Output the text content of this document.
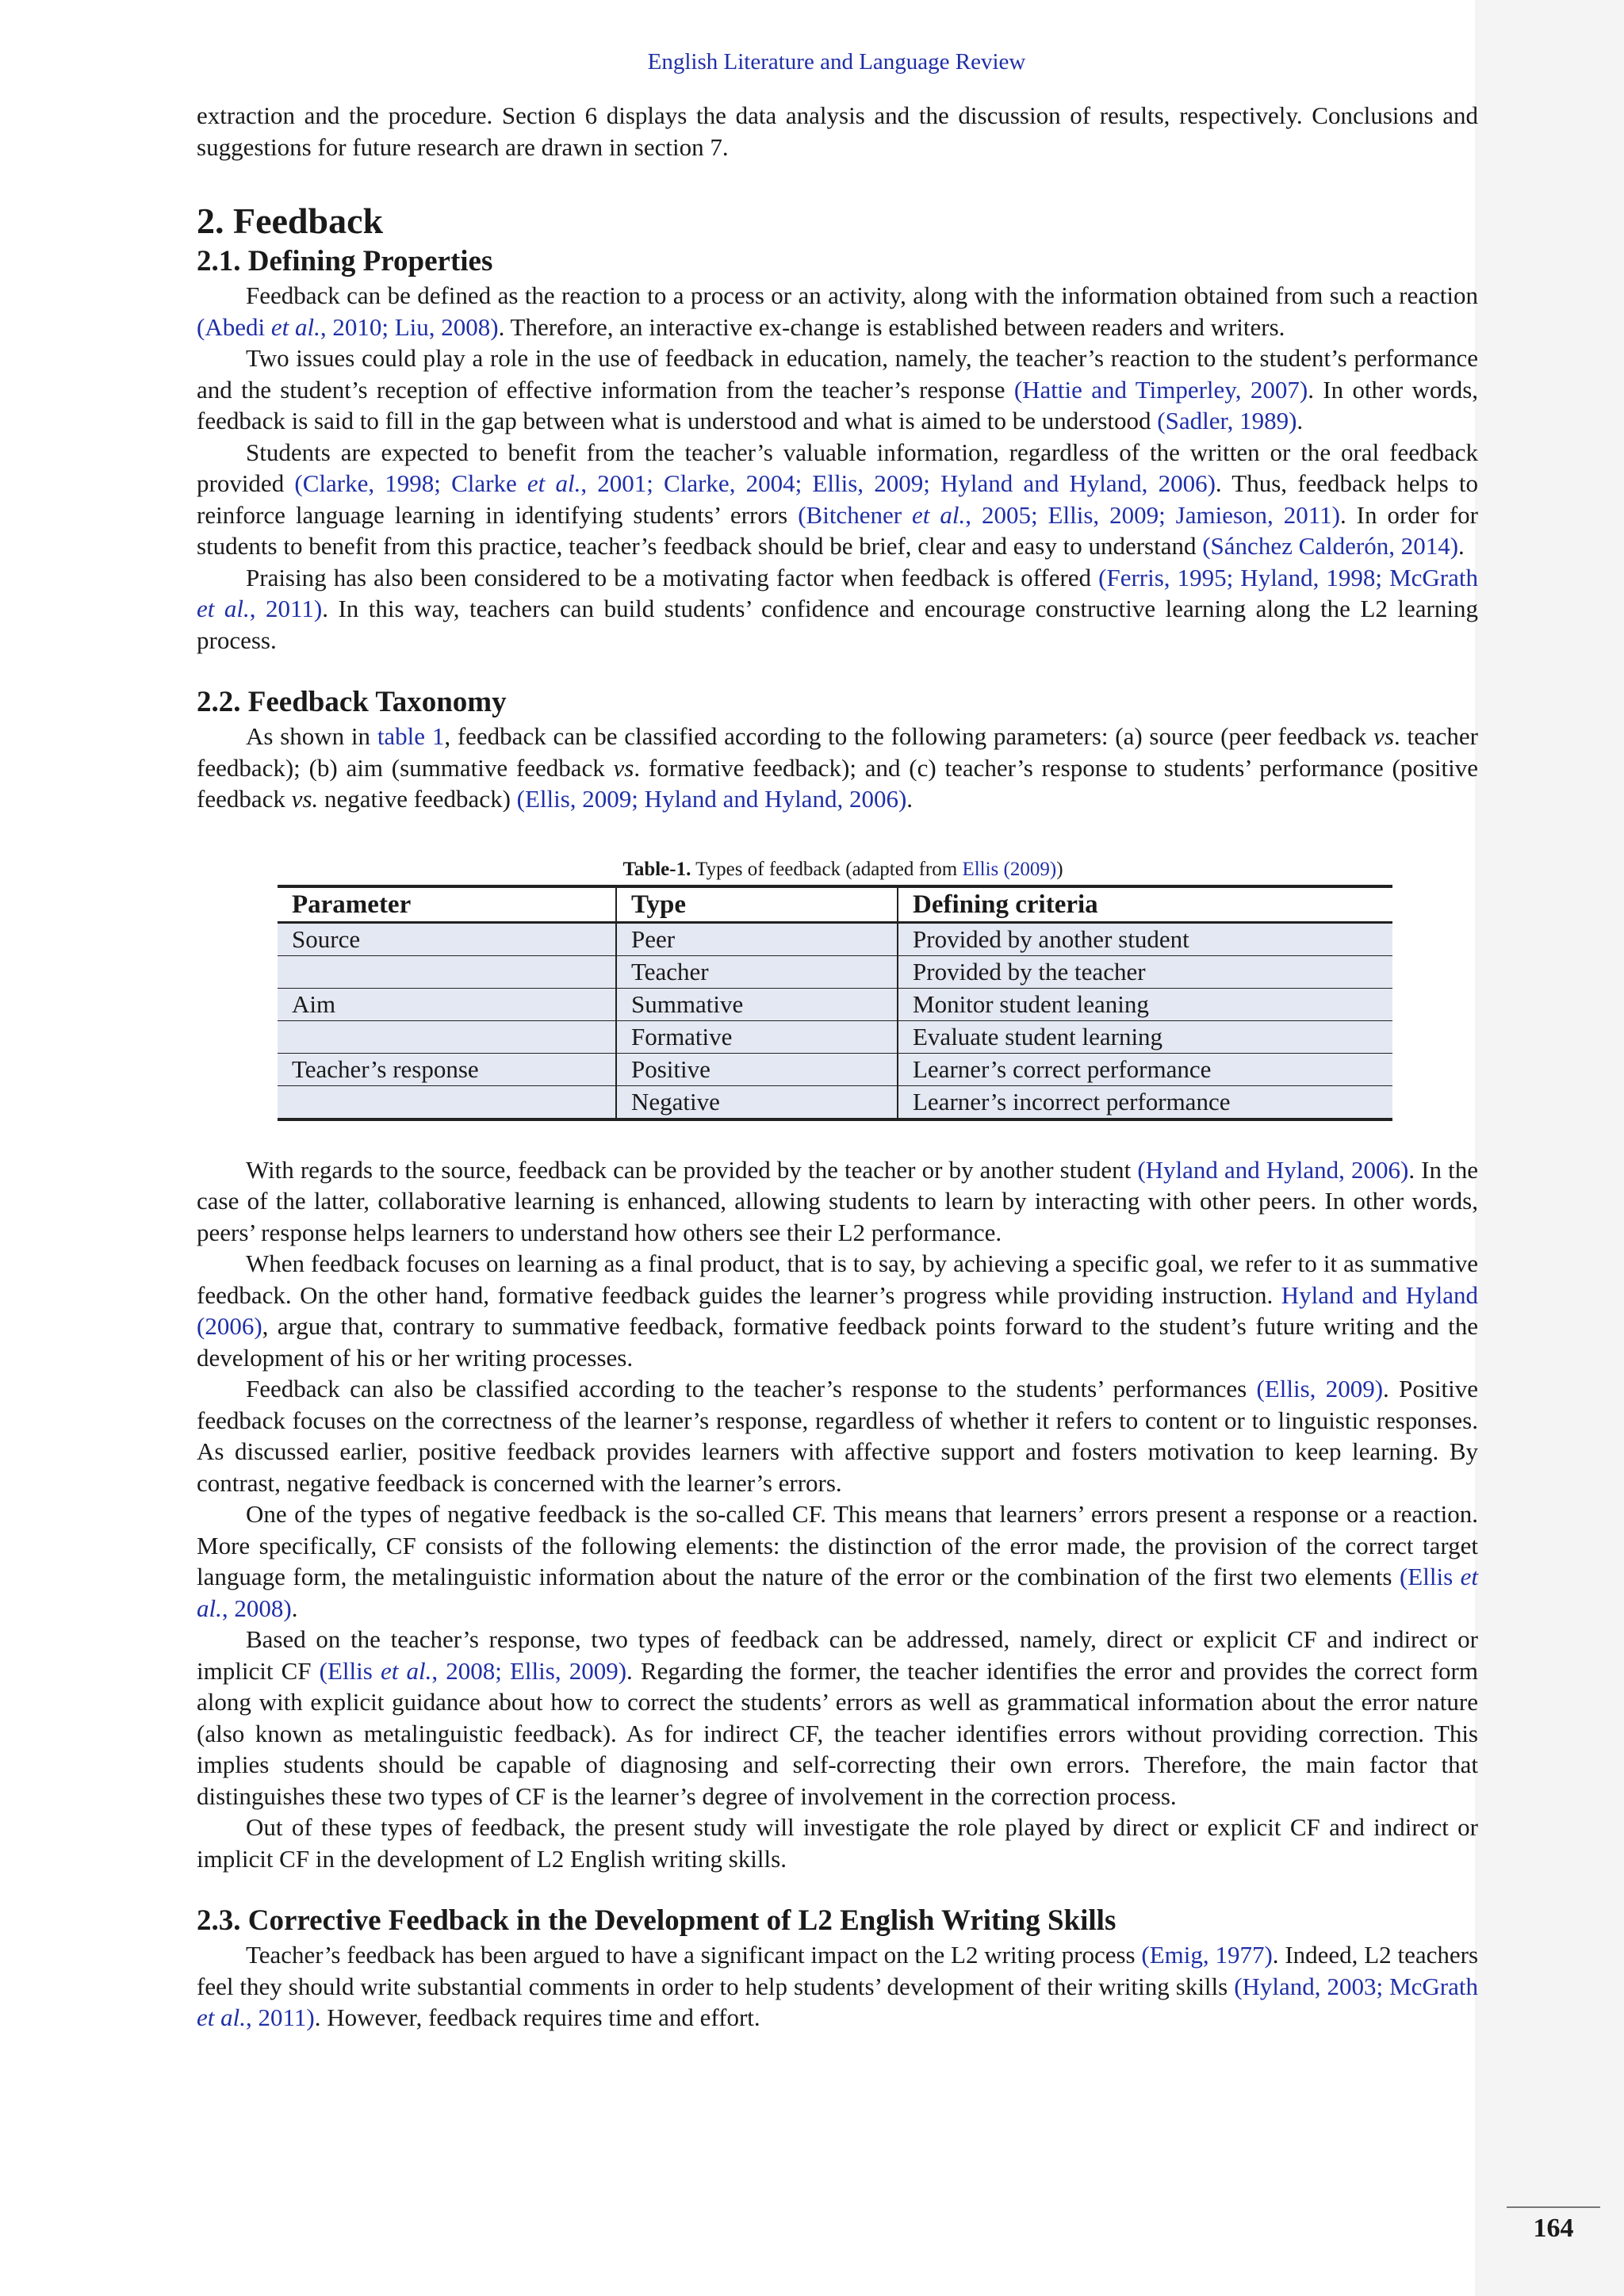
English Literature and Language Review

extraction and the procedure. Section 6 displays the data analysis and the discussion of results, respectively. Conclusions and suggestions for future research are drawn in section 7.

2. Feedback
2.1. Defining Properties

Feedback can be defined as the reaction to a process or an activity, along with the information obtained from such a reaction (Abedi et al., 2010; Liu, 2008). Therefore, an interactive ex-change is established between readers and writers.

Two issues could play a role in the use of feedback in education, namely, the teacher’s reaction to the student’s performance and the student’s reception of effective information from the teacher’s response (Hattie and Timperley, 2007). In other words, feedback is said to fill in the gap between what is understood and what is aimed to be understood (Sadler, 1989).

Students are expected to benefit from the teacher’s valuable information, regardless of the written or the oral feedback provided (Clarke, 1998; Clarke et al., 2001; Clarke, 2004; Ellis, 2009; Hyland and Hyland, 2006). Thus, feedback helps to reinforce language learning in identifying students’ errors (Bitchener et al., 2005; Ellis, 2009; Jamieson, 2011). In order for students to benefit from this practice, teacher’s feedback should be brief, clear and easy to understand (Sánchez Calderón, 2014).

Praising has also been considered to be a motivating factor when feedback is offered (Ferris, 1995; Hyland, 1998; McGrath et al., 2011). In this way, teachers can build students’ confidence and encourage constructive learning along the L2 learning process.

2.2. Feedback Taxonomy

As shown in table 1, feedback can be classified according to the following parameters: (a) source (peer feedback vs. teacher feedback); (b) aim (summative feedback vs. formative feedback); and (c) teacher’s response to students’ performance (positive feedback vs. negative feedback) (Ellis, 2009; Hyland and Hyland, 2006).

Table-1. Types of feedback (adapted from Ellis (2009))
Parameter	Type	Defining criteria
Source	Peer	Provided by another student
	Teacher	Provided by the teacher
Aim	Summative	Monitor student leaning
	Formative	Evaluate student learning
Teacher’s response	Positive	Learner’s correct performance
	Negative	Learner’s incorrect performance

With regards to the source, feedback can be provided by the teacher or by another student (Hyland and Hyland, 2006). In the case of the latter, collaborative learning is enhanced, allowing students to learn by interacting with other peers. In other words, peers’ response helps learners to understand how others see their L2 performance.

When feedback focuses on learning as a final product, that is to say, by achieving a specific goal, we refer to it as summative feedback. On the other hand, formative feedback guides the learner’s progress while providing instruction. Hyland and Hyland (2006), argue that, contrary to summative feedback, formative feedback points forward to the student’s future writing and the development of his or her writing processes.

Feedback can also be classified according to the teacher’s response to the students’ performances (Ellis, 2009). Positive feedback focuses on the correctness of the learner’s response, regardless of whether it refers to content or to linguistic responses. As discussed earlier, positive feedback provides learners with affective support and fosters motivation to keep learning. By contrast, negative feedback is concerned with the learner’s errors.

One of the types of negative feedback is the so-called CF. This means that learners’ errors present a response or a reaction. More specifically, CF consists of the following elements: the distinction of the error made, the provision of the correct target language form, the metalinguistic information about the nature of the error or the combination of the first two elements (Ellis et al., 2008).

Based on the teacher’s response, two types of feedback can be addressed, namely, direct or explicit CF and indirect or implicit CF (Ellis et al., 2008; Ellis, 2009). Regarding the former, the teacher identifies the error and provides the correct form along with explicit guidance about how to correct the students’ errors as well as grammatical information about the error nature (also known as metalinguistic feedback). As for indirect CF, the teacher identifies errors without providing correction. This implies students should be capable of diagnosing and self-correcting their own errors. Therefore, the main factor that distinguishes these two types of CF is the learner’s degree of involvement in the correction process.

Out of these types of feedback, the present study will investigate the role played by direct or explicit CF and indirect or implicit CF in the development of L2 English writing skills.

2.3. Corrective Feedback in the Development of L2 English Writing Skills

Teacher’s feedback has been argued to have a significant impact on the L2 writing process (Emig, 1977). Indeed, L2 teachers feel they should write substantial comments in order to help students’ development of their writing skills (Hyland, 2003; McGrath et al., 2011). However, feedback requires time and effort.

164
